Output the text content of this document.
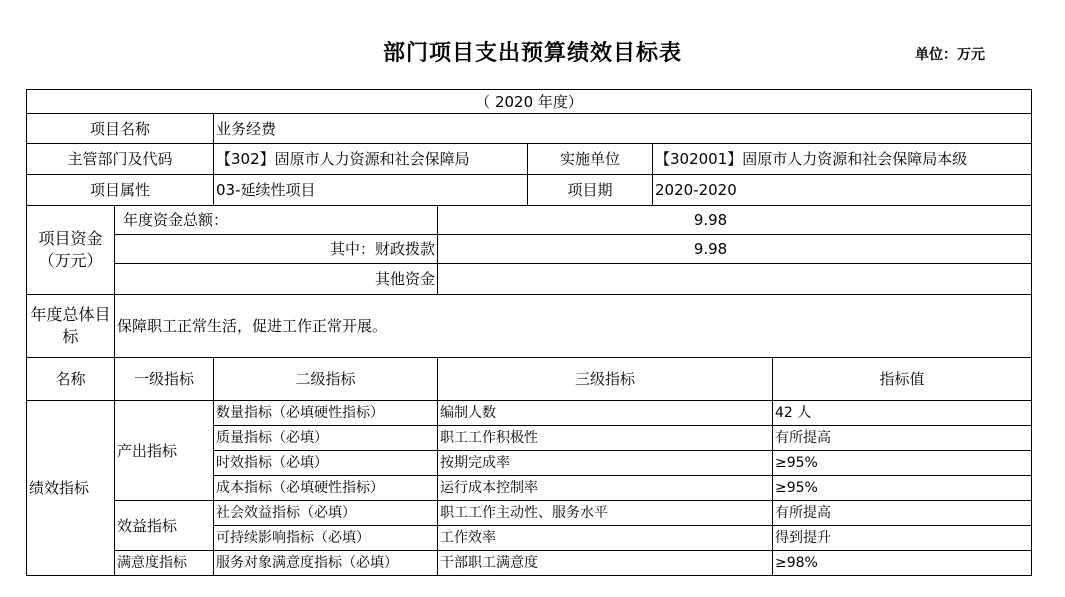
部门项目支出预算绩效目标表	单位：万元
（ 2020 年度）						
项目名称		业务经费				
主管部门及代码		【302】固原市人力资源和社会保障局		实施单位	【302001】固原市人力资源和社会保障局本级	
项目属性		03-延续性项目		项目期	2020-2020	
项目资金（万元）	年度资金总额：		9.98			
	其中：财政拨款		9.98			
	其他资金					
年度总体目标	保障职工正常生活，促进工作正常开展。					
名称	一级指标	二级指标	三级指标			指标值
绩效指标	产出指标	数量指标（必填硬性指标）	编制人数			42 人
		质量指标（必填）	职工工作积极性			有所提高
		时效指标（必填）	按期完成率			≥95%
		成本指标（必填硬性指标）	运行成本控制率			≥95%
	效益指标	社会效益指标（必填）	职工工作主动性、服务水平			有所提高
		可持续影响指标（必填）	工作效率			得到提升
	满意度指标	服务对象满意度指标（必填）	干部职工满意度			≥98%
